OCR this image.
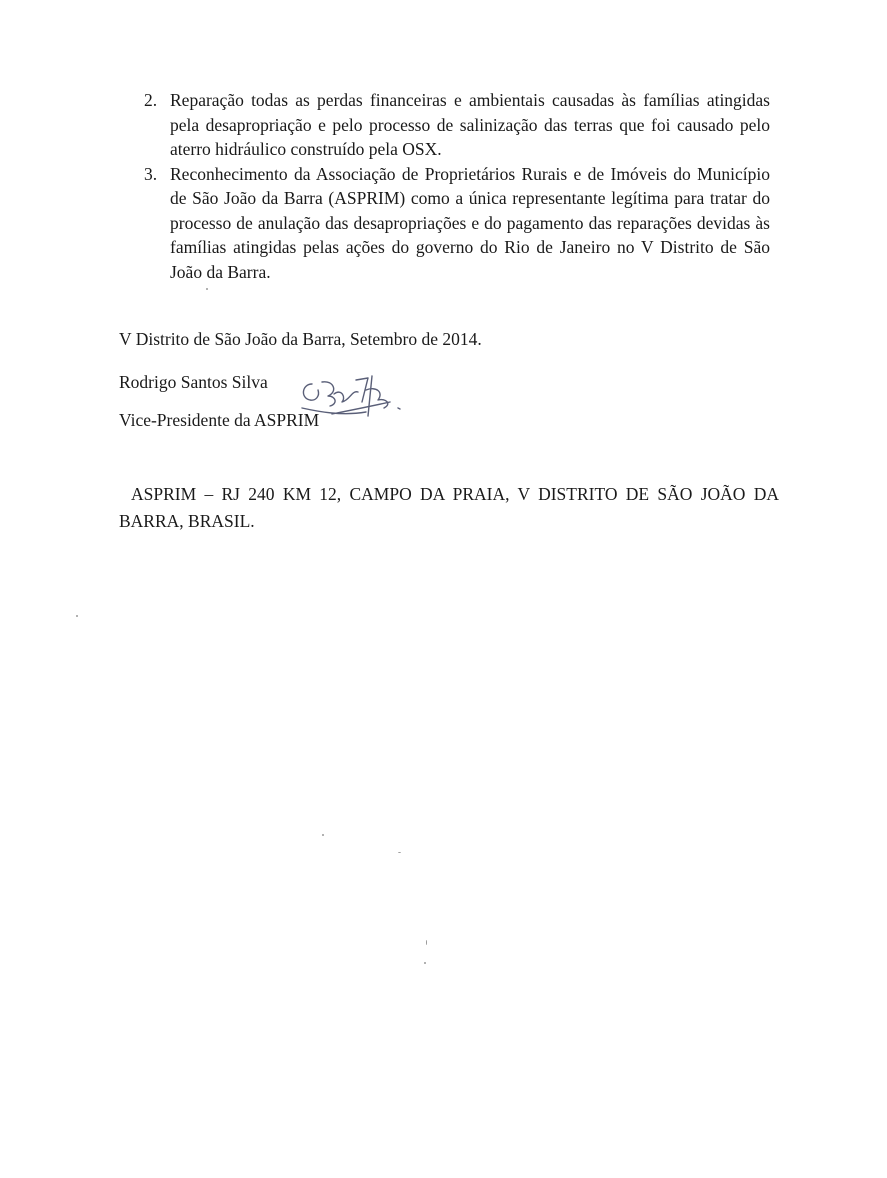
2. Reparação todas as perdas financeiras e ambientais causadas às famílias atingidas pela desapropriação e pelo processo de salinização das terras que foi causado pelo aterro hidráulico construído pela OSX.
3. Reconhecimento da Associação de Proprietários Rurais e de Imóveis do Município de São João da Barra (ASPRIM) como a única representante legítima para tratar do processo de anulação das desapropriações e do pagamento das reparações devidas às famílias atingidas pelas ações do governo do Rio de Janeiro no V Distrito de São João da Barra.
V Distrito de São João da Barra, Setembro de 2014.
Rodrigo Santos Silva
Vice-Presidente da ASPRIM
ASPRIM – RJ 240 KM 12, CAMPO DA PRAIA, V DISTRITO DE SÃO JOÃO DA BARRA, BRASIL.
